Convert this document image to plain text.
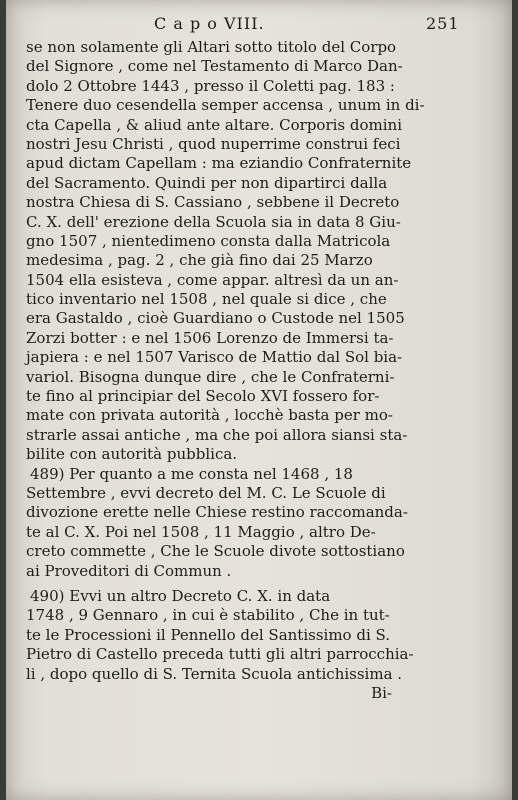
C a p o VIII.	251
se non solamente gli Altari sotto titolo del Corpo
del Signore , come nel Testamento di Marco Dan-
dolo 2 Ottobre 1443 , presso il Coletti pag. 183 :
Tenere duo cesendella semper accensa , unum in di-
cta Capella , & aliud ante altare. Corporis domini
nostri Jesu Christi , quod nuperrime construi feci
apud dictam Capellam : ma eziandio Confraternite
del Sacramento. Quindi per non dipartirci dalla
nostra Chiesa di S. Cassiano , sebbene il Decreto
C. X. dell' erezione della Scuola sia in data 8 Giu-
gno 1507 , nientedimeno consta dalla Matricola
medesima , pag. 2 , che già fino dai 25 Marzo
1504 ella esisteva , come appar. altresì da un an-
tico inventario nel 1508 , nel quale si dice , che
era Gastaldo , cioè Guardiano o Custode nel 1505
Zorzi botter : e nel 1506 Lorenzo de Immersi ta-
japiera : e nel 1507 Varisco de Mattio dal Sol bia-
variol. Bisogna dunque dire , che le Confraterni-
te fino al principiar del Secolo XVI fossero for-
mate con privata autorità , locchè basta per mo-
strarle assai antiche , ma che poi allora siansi sta-
bilite con autorità pubblica.
489) Per quanto a me consta nel 1468 , 18
Settembre , evvi decreto del M. C. Le Scuole di
divozione erette nelle Chiese restino raccomanda-
te al C. X. Poi nel 1508 , 11 Maggio , altro De-
creto commette , Che le Scuole divote sottostiano
ai Proveditori di Commun .
490) Evvi un altro Decreto C. X. in data
1748 , 9 Gennaro , in cui è stabilito , Che in tut-
te le Processioni il Pennello del Santissimo di S.
Pietro di Castello preceda tutti gli altri parrocchia-
li , dopo quello di S. Ternita Scuola antichissima .
Bi-
